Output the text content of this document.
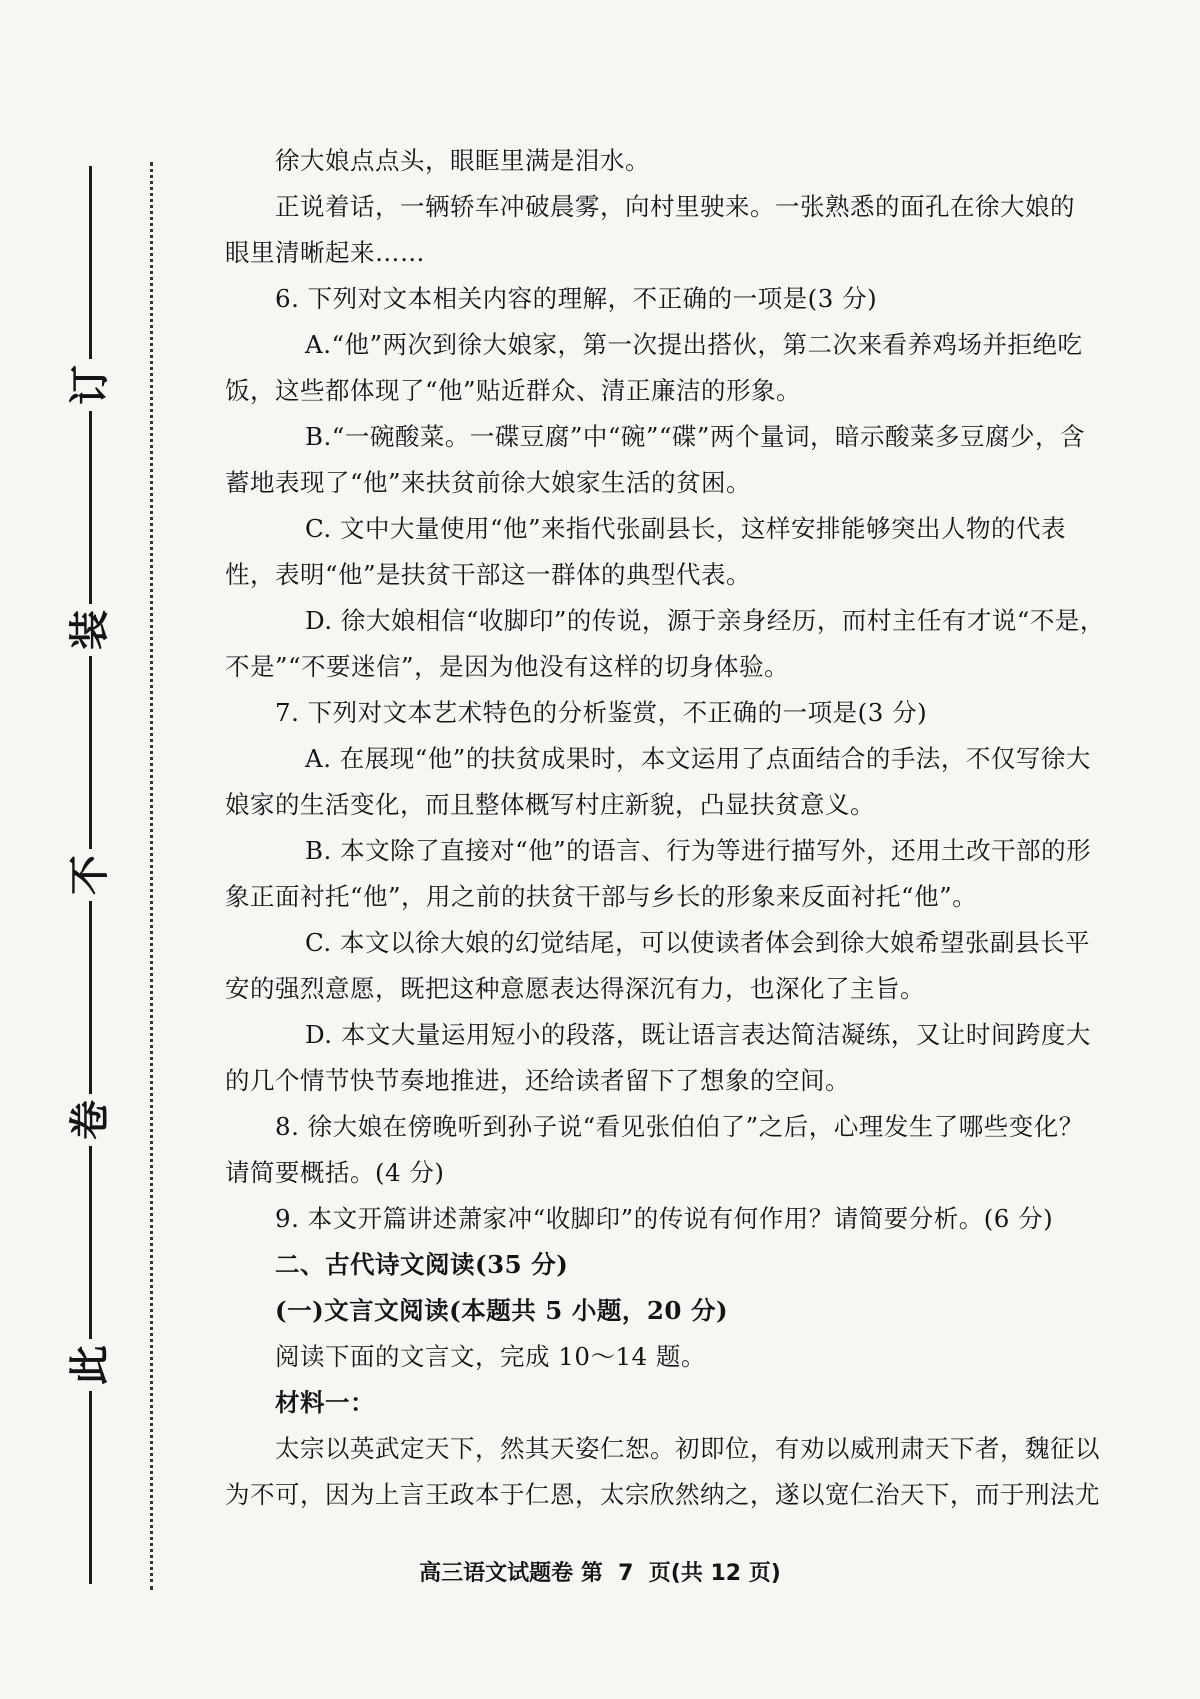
订
装
不
卷
此

徐大娘点点头，眼眶里满是泪水。

正说着话，一辆轿车冲破晨雾，向村里驶来。一张熟悉的面孔在徐大娘的

眼里清晰起来……

6. 下列对文本相关内容的理解，不正确的一项是(3 分)

A.“他”两次到徐大娘家，第一次提出搭伙，第二次来看养鸡场并拒绝吃

饭，这些都体现了“他”贴近群众、清正廉洁的形象。

B.“一碗酸菜。一碟豆腐”中“碗”“碟”两个量词，暗示酸菜多豆腐少，含

蓄地表现了“他”来扶贫前徐大娘家生活的贫困。

C. 文中大量使用“他”来指代张副县长，这样安排能够突出人物的代表

性，表明“他”是扶贫干部这一群体的典型代表。

D. 徐大娘相信“收脚印”的传说，源于亲身经历，而村主任有才说“不是，

不是”“不要迷信”，是因为他没有这样的切身体验。

7. 下列对文本艺术特色的分析鉴赏，不正确的一项是(3 分)

A. 在展现“他”的扶贫成果时，本文运用了点面结合的手法，不仅写徐大

娘家的生活变化，而且整体概写村庄新貌，凸显扶贫意义。

B. 本文除了直接对“他”的语言、行为等进行描写外，还用土改干部的形

象正面衬托“他”，用之前的扶贫干部与乡长的形象来反面衬托“他”。

C. 本文以徐大娘的幻觉结尾，可以使读者体会到徐大娘希望张副县长平

安的强烈意愿，既把这种意愿表达得深沉有力，也深化了主旨。

D. 本文大量运用短小的段落，既让语言表达简洁凝练，又让时间跨度大

的几个情节快节奏地推进，还给读者留下了想象的空间。

8. 徐大娘在傍晚听到孙子说“看见张伯伯了”之后，心理发生了哪些变化？

请简要概括。(4 分)

9. 本文开篇讲述萧家冲“收脚印”的传说有何作用？请简要分析。(6 分)

二、古代诗文阅读(35 分)

(一)文言文阅读(本题共 5 小题，20 分)

阅读下面的文言文，完成 10～14 题。

材料一：

太宗以英武定天下，然其天姿仁恕。初即位，有劝以威刑肃天下者，魏征以

为不可，因为上言王政本于仁恩，太宗欣然纳之，遂以宽仁治天下，而于刑法尤

高三语文试题卷 第  7  页(共 12 页)
